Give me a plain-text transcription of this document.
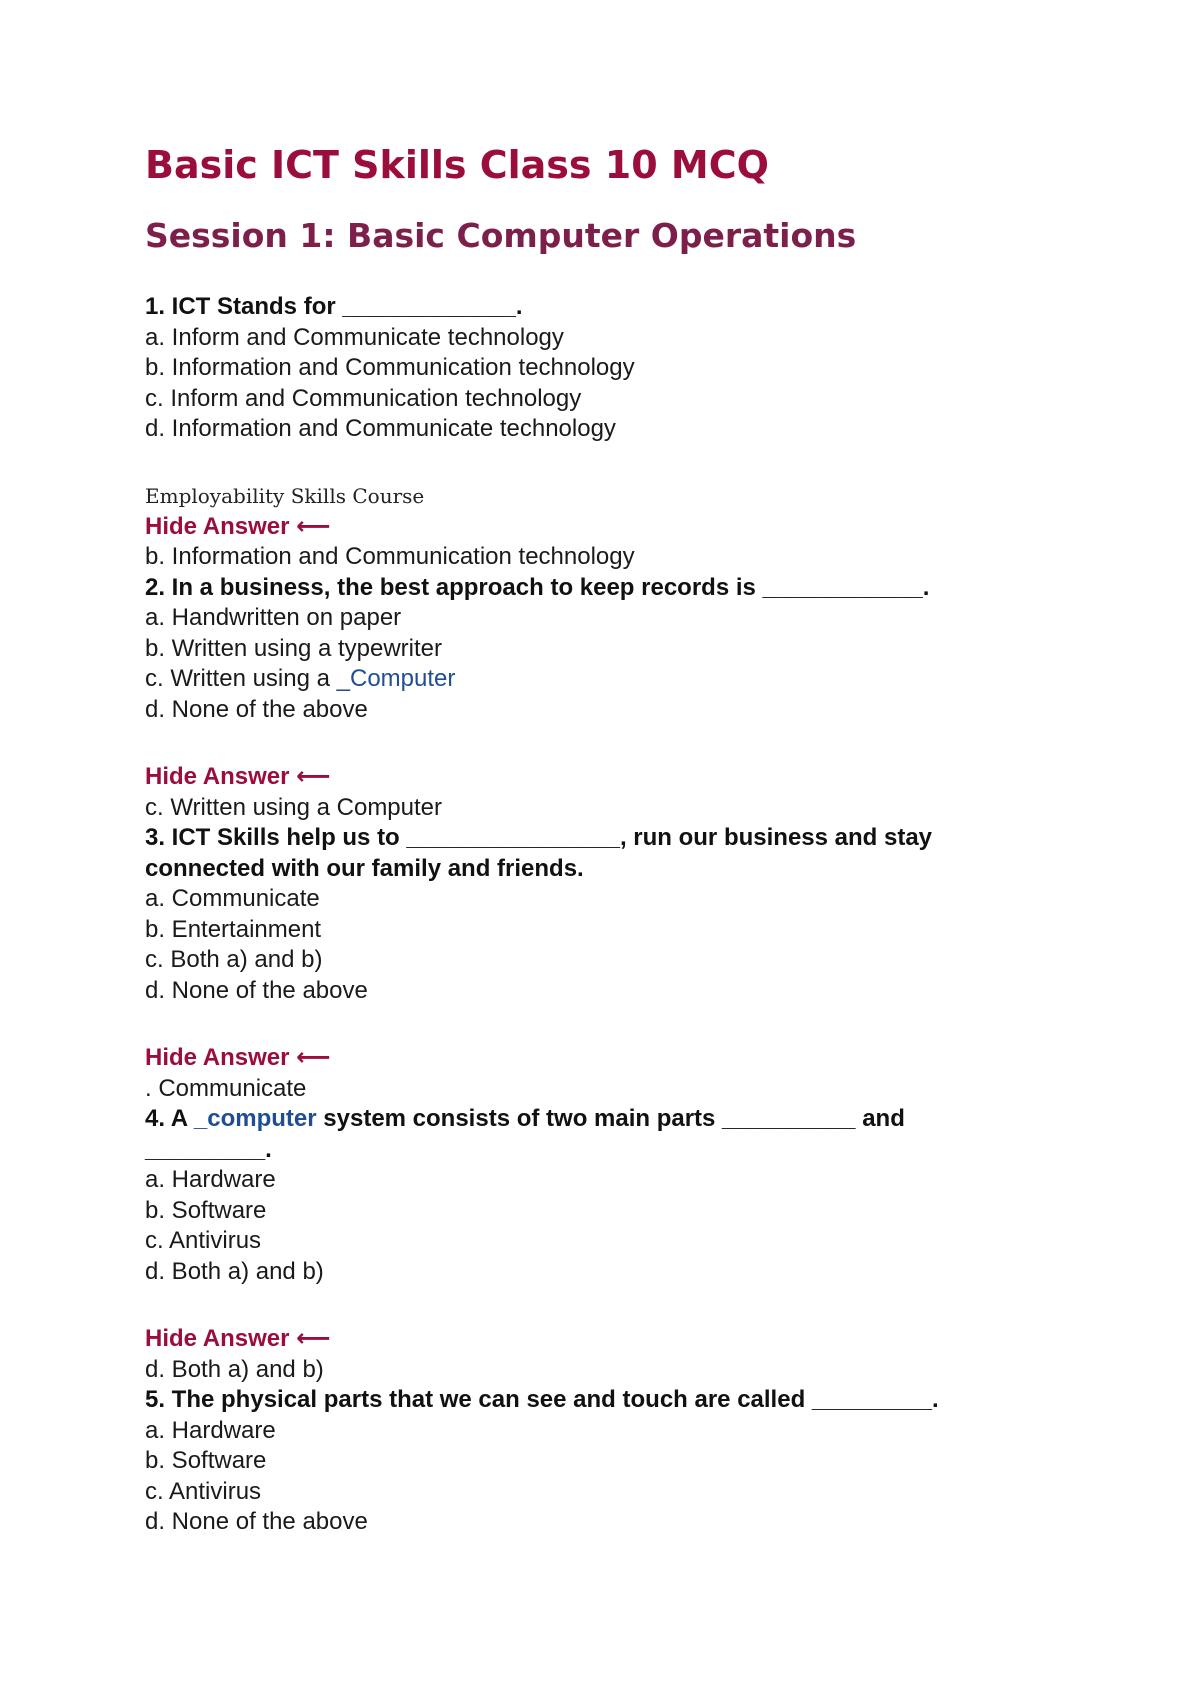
Basic ICT Skills Class 10 MCQ
Session 1: Basic Computer Operations

1. ICT Stands for _____________.

a. Inform and Communicate technology

b. Information and Communication technology

c. Inform and Communication technology

d. Information and Communicate technology

Employability Skills Course

Hide Answer ⟵

b. Information and Communication technology

2. In a business, the best approach to keep records is ____________.

a. Handwritten on paper

b. Written using a typewriter

c. Written using a _Computer

d. None of the above

Hide Answer ⟵

c. Written using a Computer

3. ICT Skills help us to ________________, run our business and stay connected with our family and friends.

a. Communicate

b. Entertainment

c. Both a) and b)

d. None of the above

Hide Answer ⟵

. Communicate

4. A _computer system consists of two main parts __________ and _________.

a. Hardware

b. Software

c. Antivirus

d. Both a) and b)

Hide Answer ⟵

d. Both a) and b)

5. The physical parts that we can see and touch are called _________.

a. Hardware

b. Software

c. Antivirus

d. None of the above
